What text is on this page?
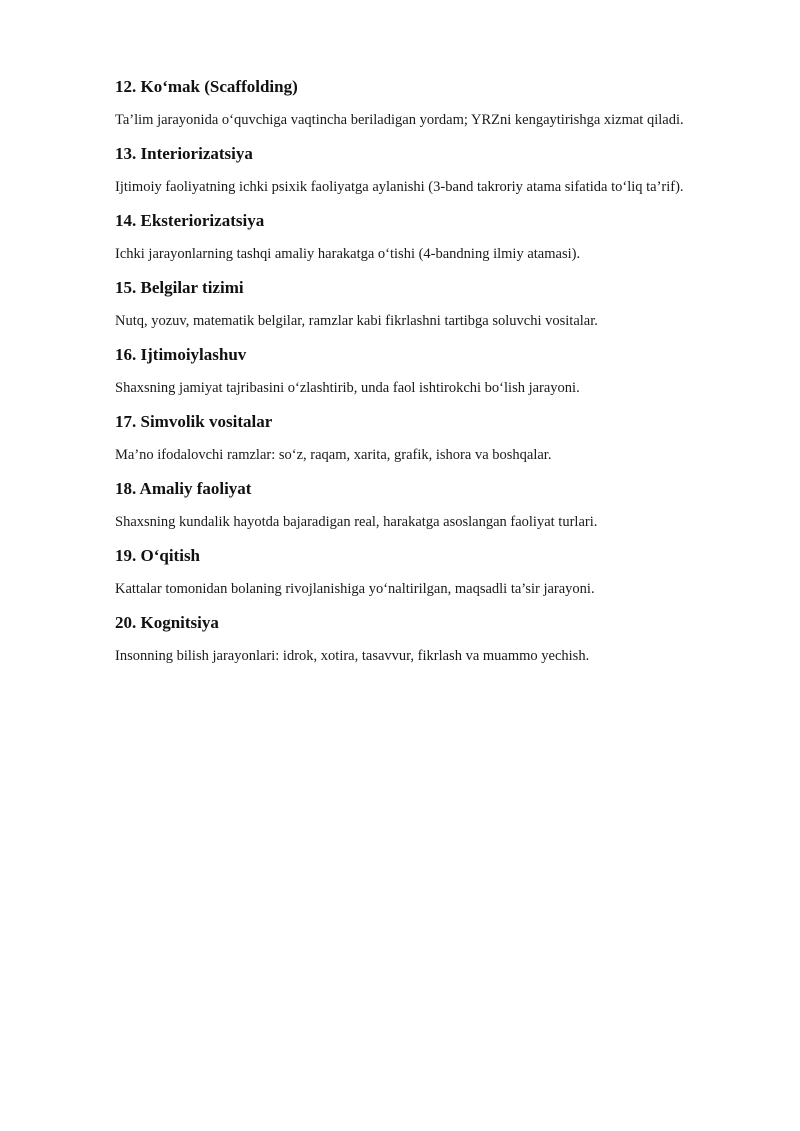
12. Ko‘mak (Scaffolding)

Ta’lim jarayonida o‘quvchiga vaqtincha beriladigan yordam; YRZni kengaytirishga xizmat qiladi.

13. Interiorizatsiya

Ijtimoiy faoliyatning ichki psixik faoliyatga aylanishi (3-band takroriy atama sifatida to‘liq ta’rif).

14. Eksteriorizatsiya

Ichki jarayonlarning tashqi amaliy harakatga o‘tishi (4-bandning ilmiy atamasi).

15. Belgilar tizimi

Nutq, yozuv, matematik belgilar, ramzlar kabi fikrlashni tartibga soluvchi vositalar.

16. Ijtimoiylashuv

Shaxsning jamiyat tajribasini o‘zlashtirib, unda faol ishtirokchi bo‘lish jarayoni.

17. Simvolik vositalar

Ma’no ifodalovchi ramzlar: so‘z, raqam, xarita, grafik, ishora va boshqalar.

18. Amaliy faoliyat

Shaxsning kundalik hayotda bajaradigan real, harakatga asoslangan faoliyat turlari.

19. O‘qitish

Kattalar tomonidan bolaning rivojlanishiga yo‘naltirilgan, maqsadli ta’sir jarayoni.

20. Kognitsiya

Insonning bilish jarayonlari: idrok, xotira, tasavvur, fikrlash va muammo yechish.
